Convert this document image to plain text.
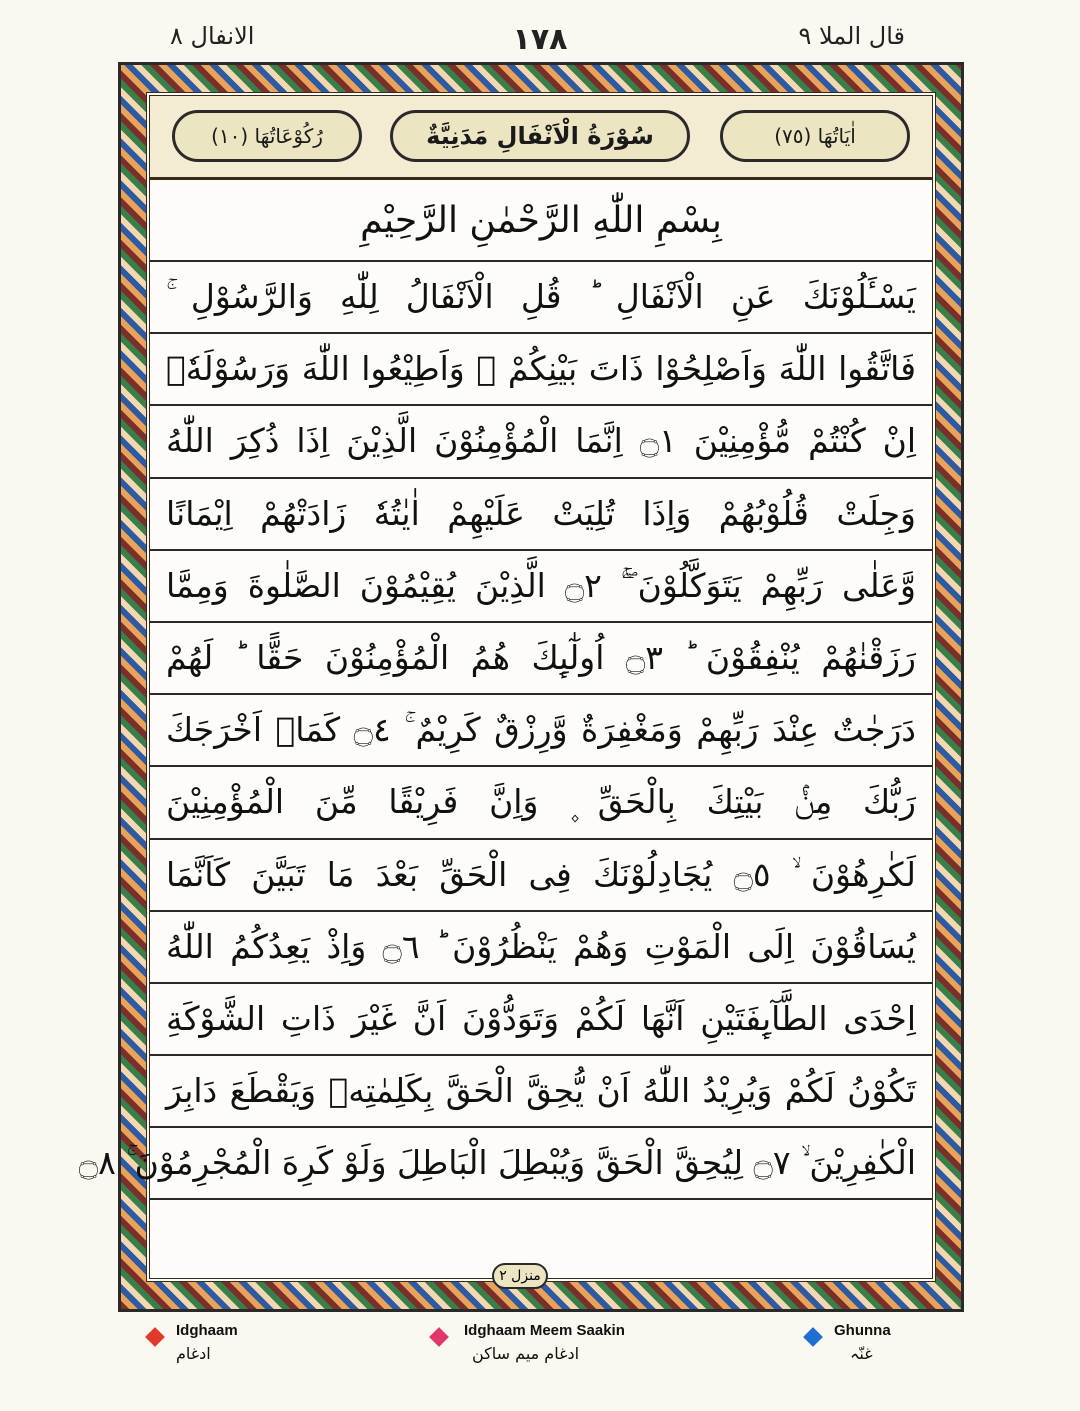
الانفال ۸	١٧٨	قال الملا ۹
رُكُوْعَاتُهَا (١٠)	سُوْرَةُ الْاَنْفَالِ مَدَنِيَّةٌ	اٰيَاتُهَا (٧٥)
بِسْمِ اللّٰهِ الرَّحْمٰنِ الرَّحِيْمِ
يَسْـَٔلُوْنَكَ عَنِ الْاَنْفَالِ ؕ قُلِ الْاَنْفَالُ لِلّٰهِ وَالرَّسُوْلِ ۚ
فَاتَّقُوا اللّٰهَ وَاَصْلِحُوْا ذَاتَ بَيْنِكُمْ ۪ وَاَطِيْعُوا اللّٰهَ وَرَسُوْلَهٗۤ
اِنْ كُنْتُمْ مُّؤْمِنِيْنَ ۝١ اِنَّمَا الْمُؤْمِنُوْنَ الَّذِيْنَ اِذَا ذُكِرَ اللّٰهُ
وَجِلَتْ قُلُوْبُهُمْ وَاِذَا تُلِيَتْ عَلَيْهِمْ اٰيٰتُهٗ زَادَتْهُمْ اِيْمَانًا
وَّعَلٰى رَبِّهِمْ يَتَوَكَّلُوْنَ ۚۖ ۝٢ الَّذِيْنَ يُقِيْمُوْنَ الصَّلٰوةَ وَمِمَّا
رَزَقْنٰهُمْ يُنْفِقُوْنَ ؕ ۝٣ اُولٰٓىِٕكَ هُمُ الْمُؤْمِنُوْنَ حَقًّا ؕ لَهُمْ
دَرَجٰتٌ عِنْدَ رَبِّهِمْ وَمَغْفِرَةٌ وَّرِزْقٌ كَرِيْمٌ ۚ ۝٤ كَمَاۤ اَخْرَجَكَ
رَبُّكَ مِنْۢ بَيْتِكَ بِالْحَقِّ ۪ وَاِنَّ فَرِيْقًا مِّنَ الْمُؤْمِنِيْنَ
لَكٰرِهُوْنَ ۙ ۝٥ يُجَادِلُوْنَكَ فِى الْحَقِّ بَعْدَ مَا تَبَيَّنَ كَاَنَّمَا
يُسَاقُوْنَ اِلَى الْمَوْتِ وَهُمْ يَنْظُرُوْنَ ؕ ۝٦ وَاِذْ يَعِدُكُمُ اللّٰهُ
اِحْدَى الطَّآىِٕفَتَيْنِ اَنَّهَا لَكُمْ وَتَوَدُّوْنَ اَنَّ غَيْرَ ذَاتِ الشَّوْكَةِ
تَكُوْنُ لَكُمْ وَيُرِيْدُ اللّٰهُ اَنْ يُّحِقَّ الْحَقَّ بِكَلِمٰتِهٖ وَيَقْطَعَ دَابِرَ
الْكٰفِرِيْنَ ۙ ۝٧ لِيُحِقَّ الْحَقَّ وَيُبْطِلَ الْبَاطِلَ وَلَوْ كَرِهَ الْمُجْرِمُوْنَ ۚ ۝٨
منزل ۲
Idghaam
ادغام
Idghaam Meem Saakin
ادغام میم ساکن
Ghunna
غنّہ
